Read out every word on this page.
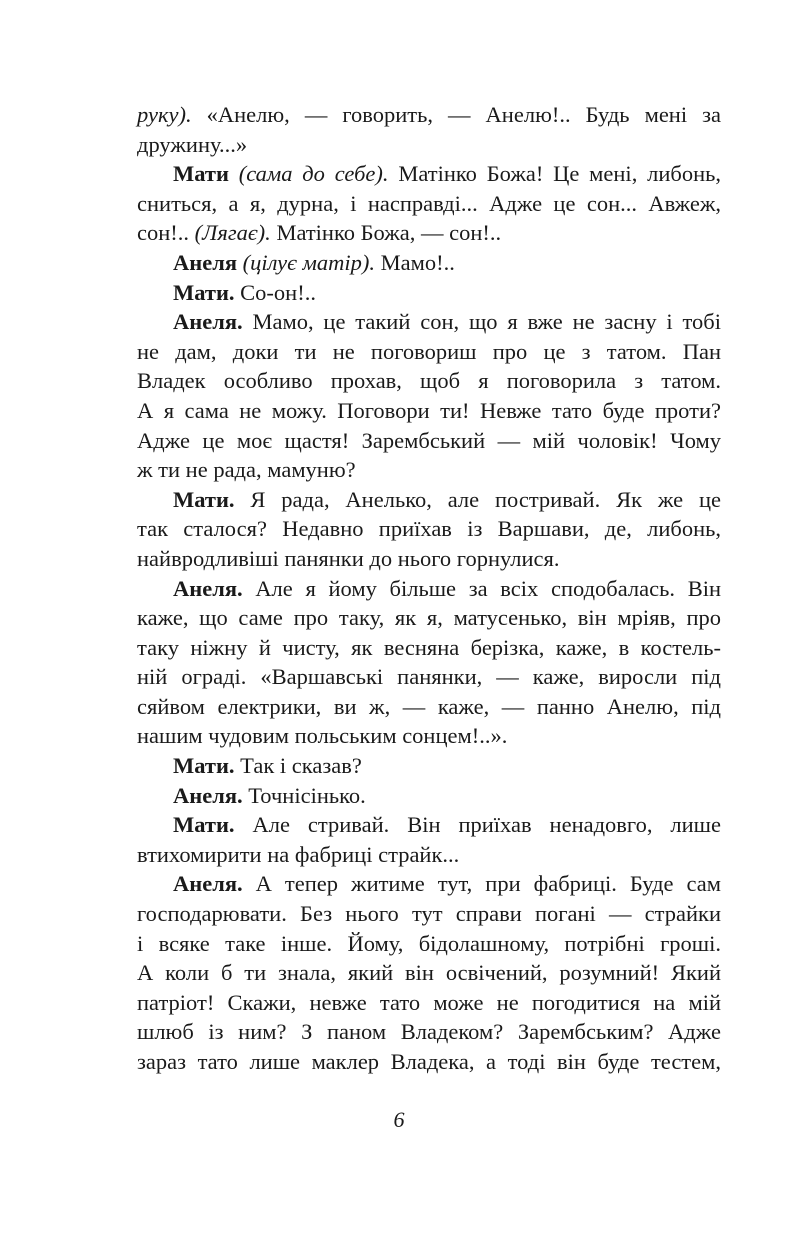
руку). «Анелю, — говорить, — Анелю!.. Будь мені за
дружину...»
Мати (сама до себе). Матінко Божа! Це мені, либонь,
сниться, а я, дурна, і насправді... Адже це сон... Авжеж,
сон!.. (Лягає). Матінко Божа, — сон!..
Анеля (цілує матір). Мамо!..
Мати. Со-он!..
Анеля. Мамо, це такий сон, що я вже не засну і тобі
не дам, доки ти не поговориш про це з татом. Пан
Владек особливо прохав, щоб я поговорила з татом.
А я сама не можу. Поговори ти! Невже тато буде проти?
Адже це моє щастя! Зарембський — мій чоловік! Чому
ж ти не рада, мамуню?
Мати. Я рада, Анелько, але постривай. Як же це
так сталося? Недавно приїхав із Варшави, де, либонь,
найвродливіші панянки до нього горнулися.
Анеля. Але я йому більше за всіх сподобалась. Він
каже, що саме про таку, як я, матусенько, він мріяв, про
таку ніжну й чисту, як весняна берізка, каже, в костель-
ній ограді. «Варшавські панянки, — каже, виросли під
сяйвом електрики, ви ж, — каже, — панно Анелю, під
нашим чудовим польським сонцем!..».
Мати. Так і сказав?
Анеля. Точнісінько.
Мати. Але стривай. Він приїхав ненадовго, лише
втихомирити на фабриці страйк...
Анеля. А тепер житиме тут, при фабриці. Буде сам
господарювати. Без нього тут справи погані — страйки
і всяке таке інше. Йому, бідолашному, потрібні гроші.
А коли б ти знала, який він освічений, розумний! Який
патріот! Скажи, невже тато може не погодитися на мій
шлюб із ним? З паном Владеком? Зарембським? Адже
зараз тато лише маклер Владека, а тоді він буде тестем,
6
